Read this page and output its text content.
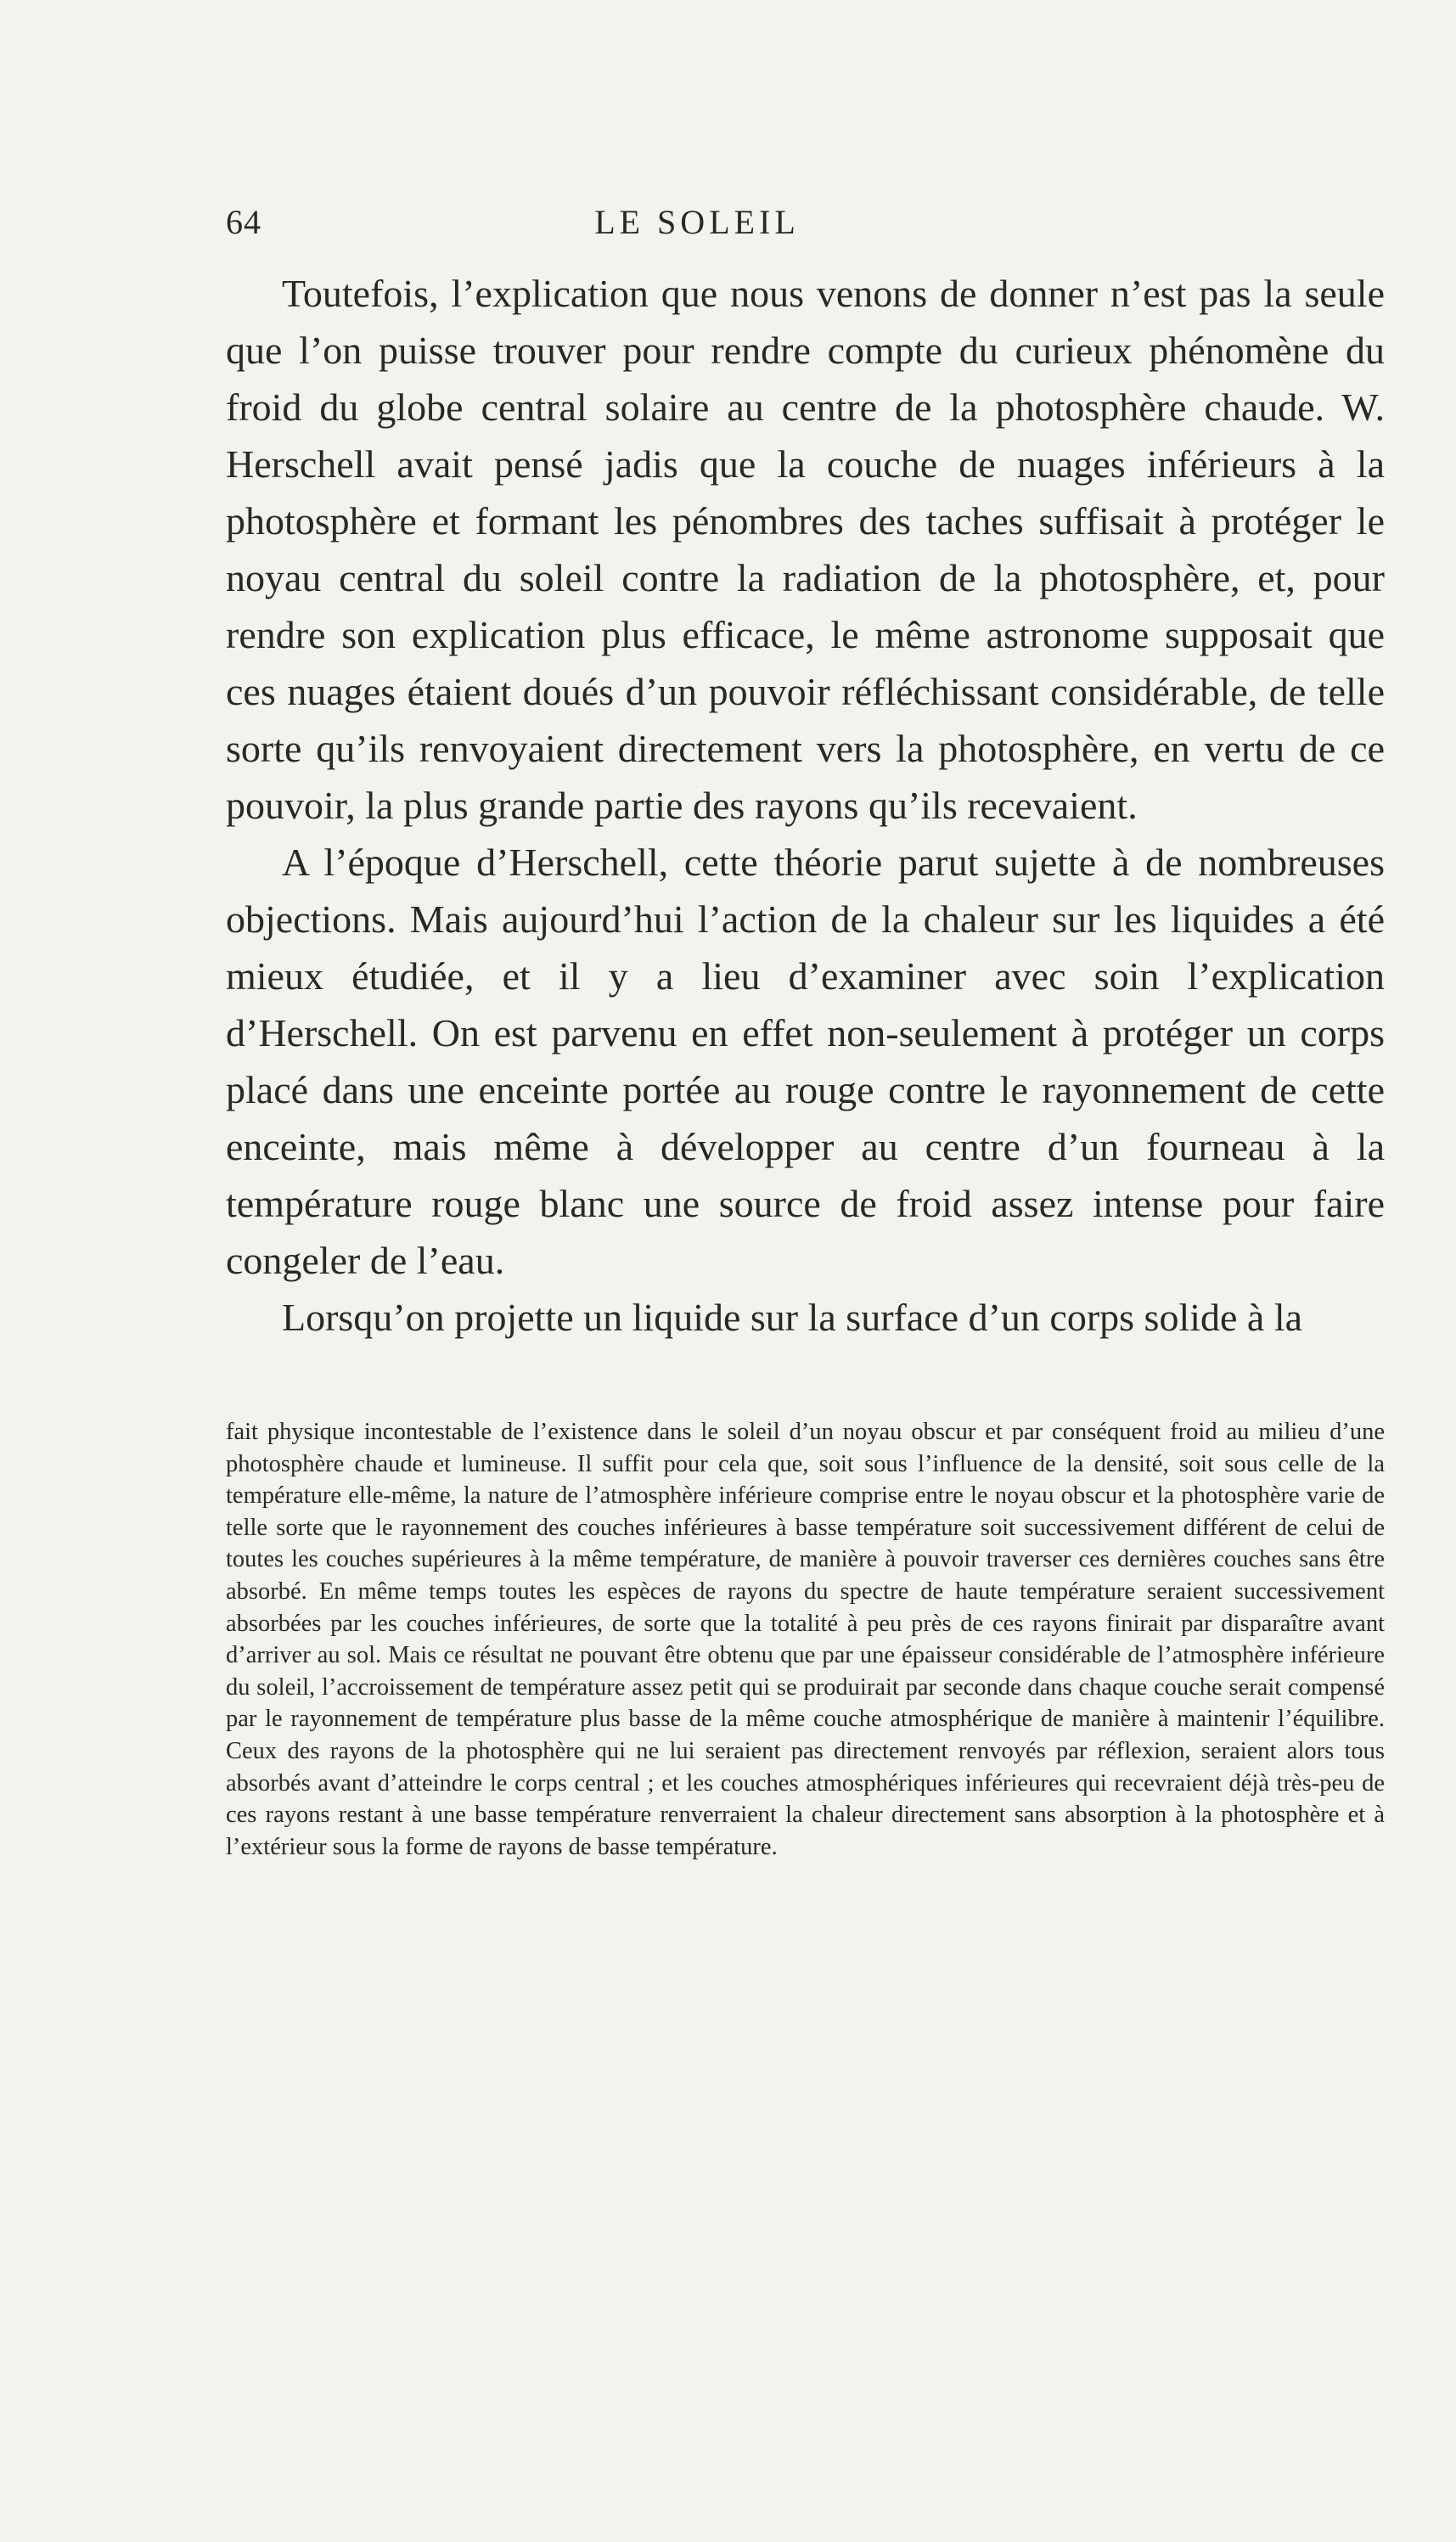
64	LE SOLEIL

Toutefois, l’explication que nous venons de donner n’est pas la seule que l’on puisse trouver pour rendre compte du curieux phénomène du froid du globe central solaire au centre de la photosphère chaude. W. Herschell avait pensé jadis que la couche de nuages inférieurs à la photosphère et formant les pénombres des taches suffisait à protéger le noyau central du soleil contre la radiation de la photosphère, et, pour rendre son explication plus efficace, le même astronome supposait que ces nuages étaient doués d’un pouvoir réfléchissant considérable, de telle sorte qu’ils renvoyaient directement vers la photosphère, en vertu de ce pouvoir, la plus grande partie des rayons qu’ils recevaient.

A l’époque d’Herschell, cette théorie parut sujette à de nombreuses objections. Mais aujourd’hui l’action de la chaleur sur les liquides a été mieux étudiée, et il y a lieu d’examiner avec soin l’explication d’Herschell. On est parvenu en effet non-seulement à protéger un corps placé dans une enceinte portée au rouge contre le rayonnement de cette enceinte, mais même à développer au centre d’un fourneau à la température rouge blanc une source de froid assez intense pour faire congeler de l’eau.

Lorsqu’on projette un liquide sur la surface d’un corps solide à la

fait physique incontestable de l’existence dans le soleil d’un noyau obscur et par conséquent froid au milieu d’une photosphère chaude et lumineuse. Il suffit pour cela que, soit sous l’influence de la densité, soit sous celle de la température elle-même, la nature de l’atmosphère inférieure comprise entre le noyau obscur et la photosphère varie de telle sorte que le rayonnement des couches inférieures à basse température soit successivement différent de celui de toutes les couches supérieures à la même température, de manière à pouvoir traverser ces dernières couches sans être absorbé. En même temps toutes les espèces de rayons du spectre de haute température seraient successivement absorbées par les couches inférieures, de sorte que la totalité à peu près de ces rayons finirait par disparaître avant d’arriver au sol. Mais ce résultat ne pouvant être obtenu que par une épaisseur considérable de l’atmosphère inférieure du soleil, l’accroissement de température assez petit qui se produirait par seconde dans chaque couche serait compensé par le rayonnement de température plus basse de la même couche atmosphérique de manière à maintenir l’équilibre. Ceux des rayons de la photosphère qui ne lui seraient pas directement renvoyés par réflexion, seraient alors tous absorbés avant d’atteindre le corps central ; et les couches atmosphériques inférieures qui recevraient déjà très-peu de ces rayons restant à une basse température renverraient la chaleur directement sans absorption à la photosphère et à l’extérieur sous la forme de rayons de basse température.
